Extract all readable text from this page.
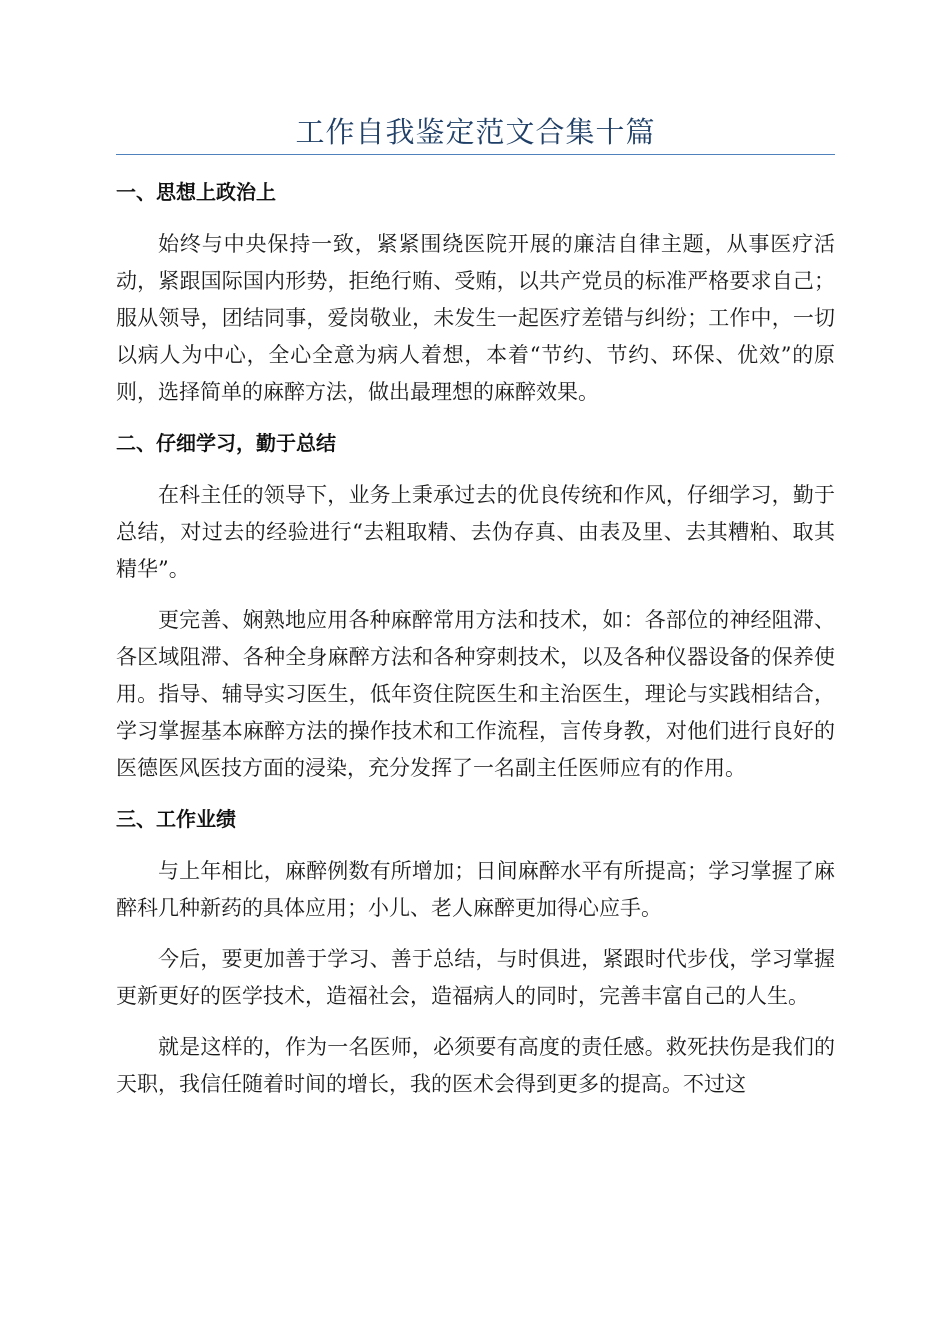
工作自我鉴定范文合集十篇
一、思想上政治上

始终与中央保持一致，紧紧围绕医院开展的廉洁自律主题，从事医疗活动，紧跟国际国内形势，拒绝行贿、受贿，以共产党员的标准严格要求自己；服从领导，团结同事，爱岗敬业，未发生一起医疗差错与纠纷；工作中，一切以病人为中心，全心全意为病人着想，本着“节约、节约、环保、优效”的原则，选择简单的麻醉方法，做出最理想的麻醉效果。

二、仔细学习，勤于总结

在科主任的领导下，业务上秉承过去的优良传统和作风，仔细学习，勤于总结，对过去的经验进行“去粗取精、去伪存真、由表及里、去其糟粕、取其精华”。

更完善、娴熟地应用各种麻醉常用方法和技术，如：各部位的神经阻滞、各区域阻滞、各种全身麻醉方法和各种穿刺技术，以及各种仪器设备的保养使用。指导、辅导实习医生，低年资住院医生和主治医生，理论与实践相结合，学习掌握基本麻醉方法的操作技术和工作流程，言传身教，对他们进行良好的医德医风医技方面的浸染，充分发挥了一名副主任医师应有的作用。

三、工作业绩

与上年相比，麻醉例数有所增加；日间麻醉水平有所提高；学习掌握了麻醉科几种新药的具体应用；小儿、老人麻醉更加得心应手。

今后，要更加善于学习、善于总结，与时俱进，紧跟时代步伐，学习掌握更新更好的医学技术，造福社会，造福病人的同时，完善丰富自己的人生。

就是这样的，作为一名医师，必须要有高度的责任感。救死扶伤是我们的天职，我信任随着时间的增长，我的医术会得到更多的提高。不过这
